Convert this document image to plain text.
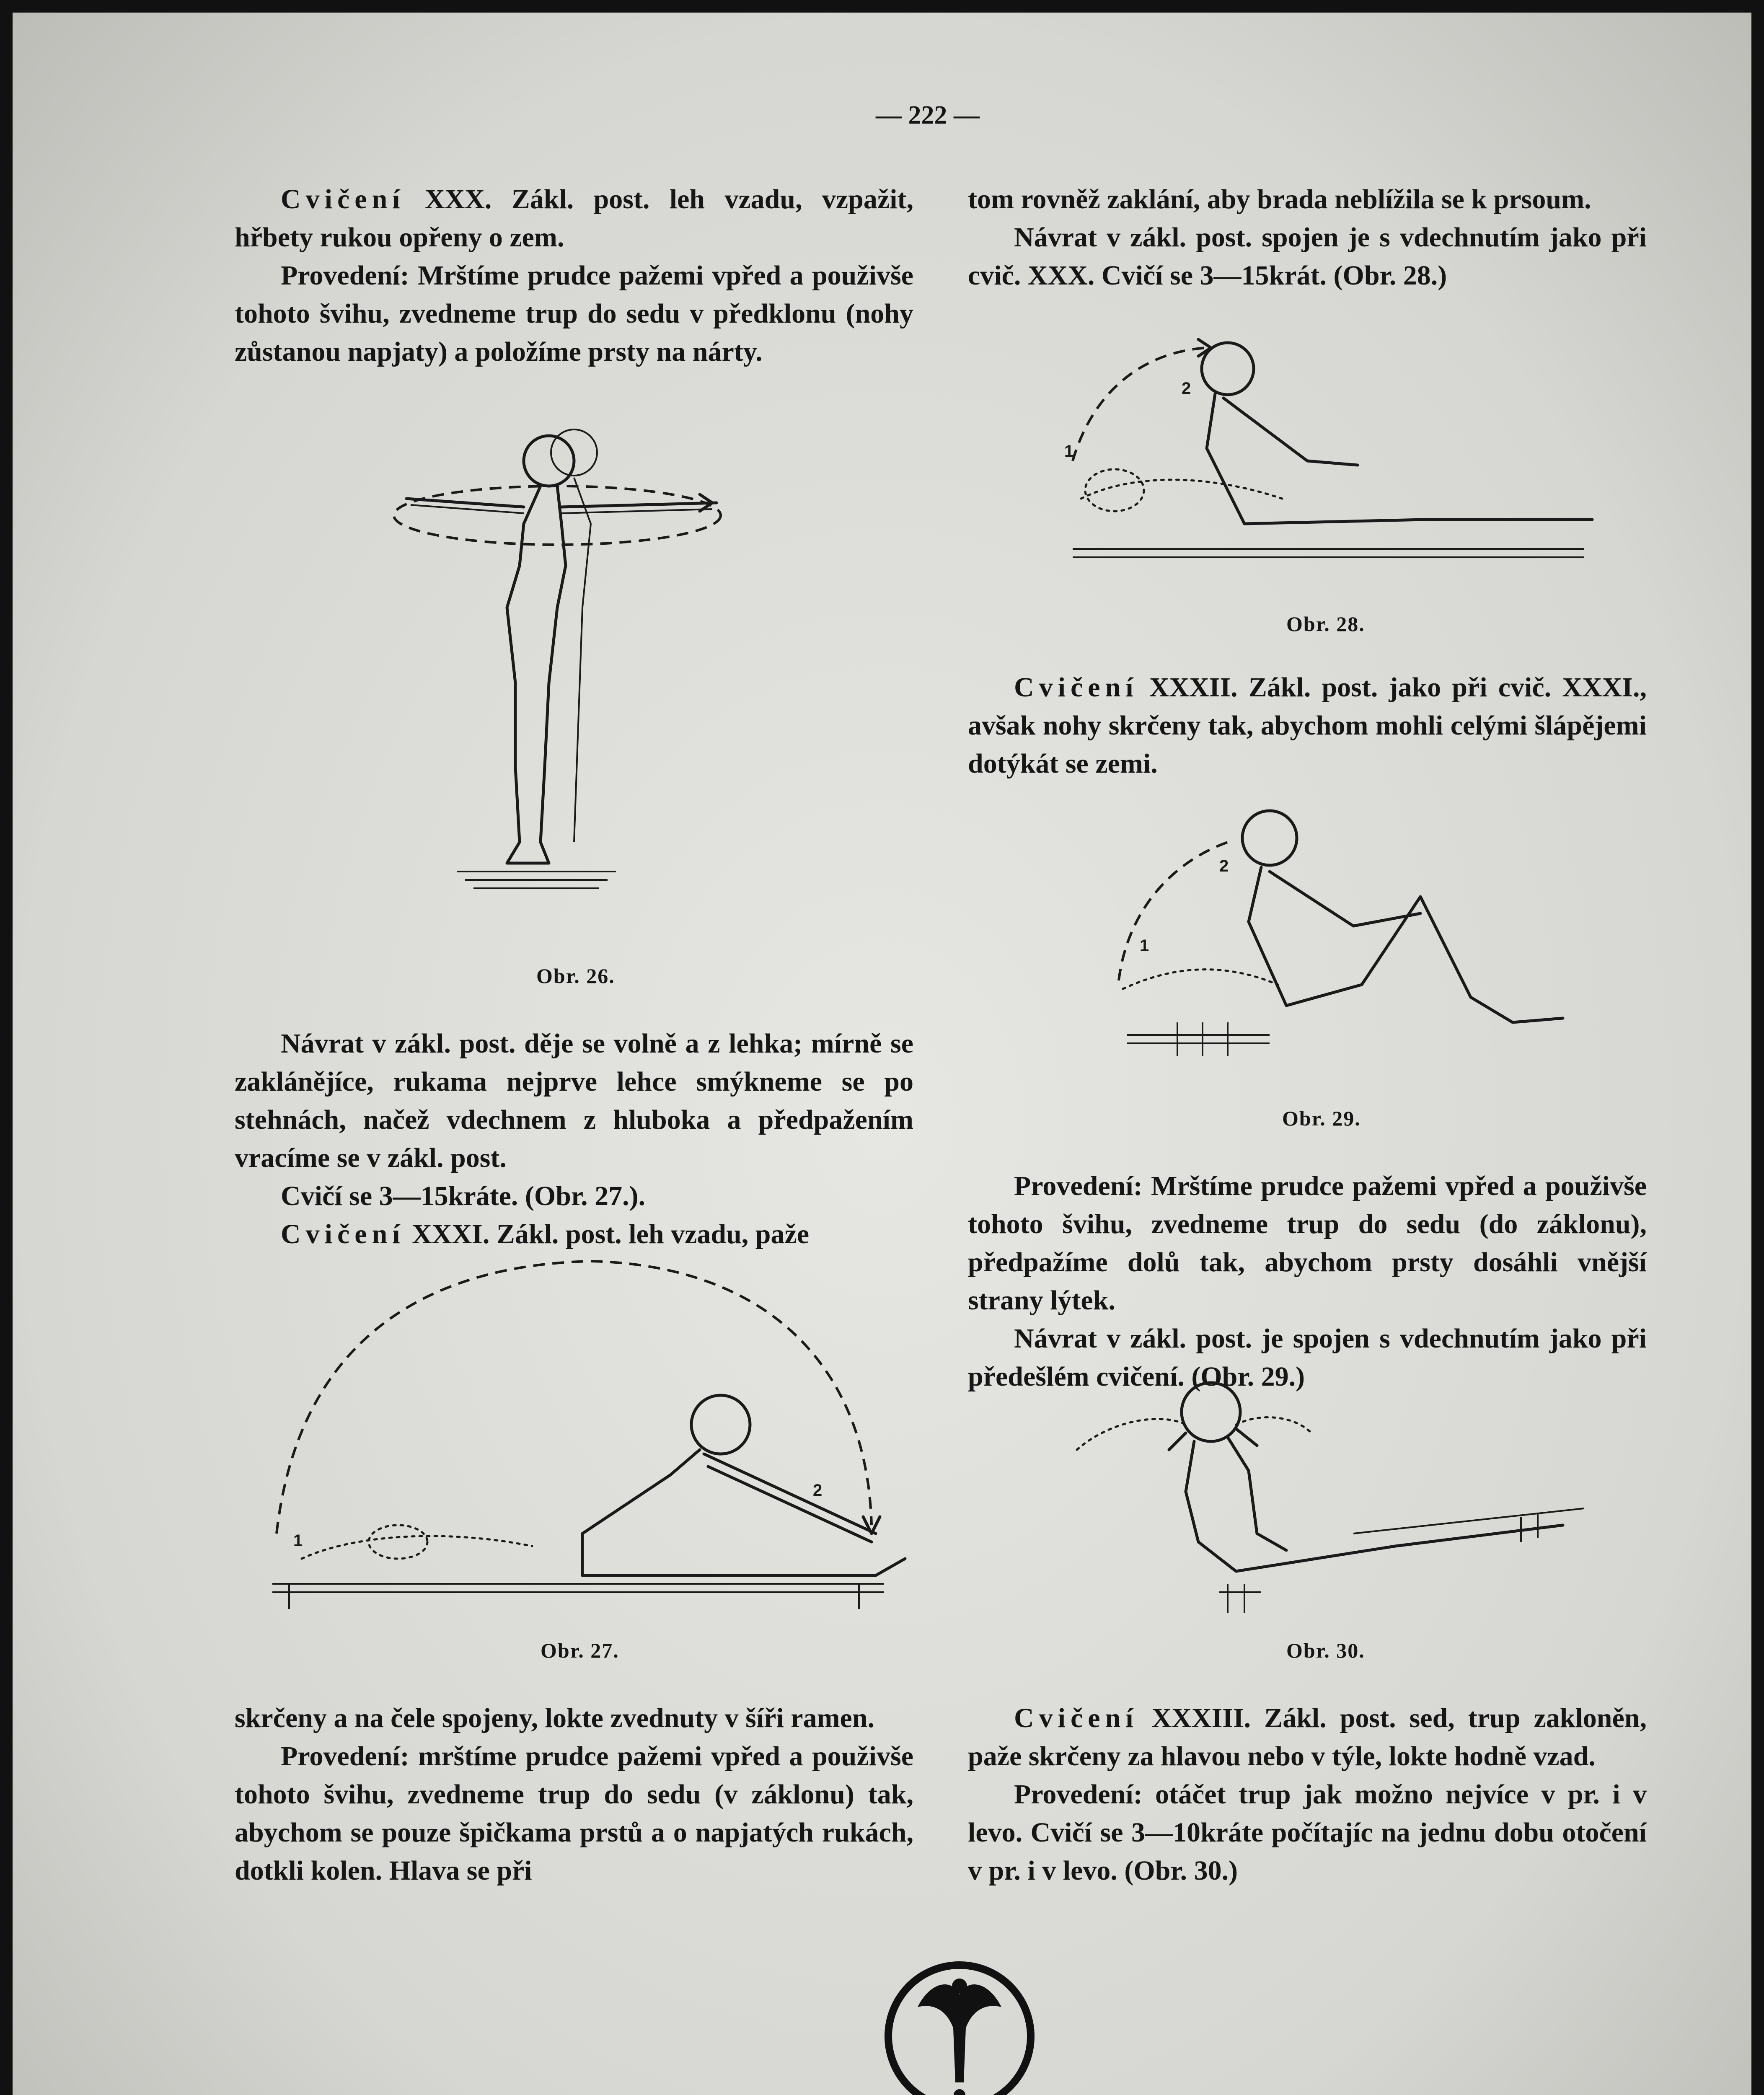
— 222 —

Cvičení XXX. Zákl. post. leh vzadu, vzpažit, hřbety rukou opřeny o zem.

Provedení: Mrštíme prudce pažemi vpřed a použivše tohoto švihu, zvedneme trup do sedu v předklonu (nohy zůstanou napjaty) a položíme prsty na nárty.

Obr. 26.

Návrat v zákl. post. děje se volně a z lehka; mírně se zaklánějíce, rukama nejprve lehce smýkneme se po stehnách, načež vdechnem z hluboka a předpažením vracíme se v zákl. post.

Cvičí se 3—15kráte. (Obr. 27.).

Cvičení XXXI. Zákl. post. leh vzadu, paže

1
2
Obr. 27.

skrčeny a na čele spojeny, lokte zvednuty v šíři ramen.

Provedení: mrštíme prudce pažemi vpřed a použivše tohoto švihu, zvedneme trup do sedu (v záklonu) tak, abychom se pouze špičkama prstů a o napjatých rukách, dotkli kolen. Hlava se při

tom rovněž zaklání, aby brada neblížila se k prsoum.

Návrat v zákl. post. spojen je s vdechnutím jako při cvič. XXX. Cvičí se 3—15krát. (Obr. 28.)

1
2
Obr. 28.

Cvičení XXXII. Zákl. post. jako při cvič. XXXI., avšak nohy skrčeny tak, abychom mohli celými šlápějemi dotýkát se zemi.

1
2
Obr. 29.

Provedení: Mrštíme prudce pažemi vpřed a použivše tohoto švihu, zvedneme trup do sedu (do záklonu), předpažíme dolů tak, abychom prsty dosáhli vnější strany lýtek.

Návrat v zákl. post. je spojen s vdechnutím jako při předešlém cvičení. (Obr. 29.)

Obr. 30.

Cvičení XXXIII. Zákl. post. sed, trup zakloněn, paže skrčeny za hlavou nebo v týle, lokte hodně vzad.

Provedení: otáčet trup jak možno nejvíce v pr. i v levo. Cvičí se 3—10kráte počítajíc na jednu dobu otočení v pr. i v levo. (Obr. 30.)
